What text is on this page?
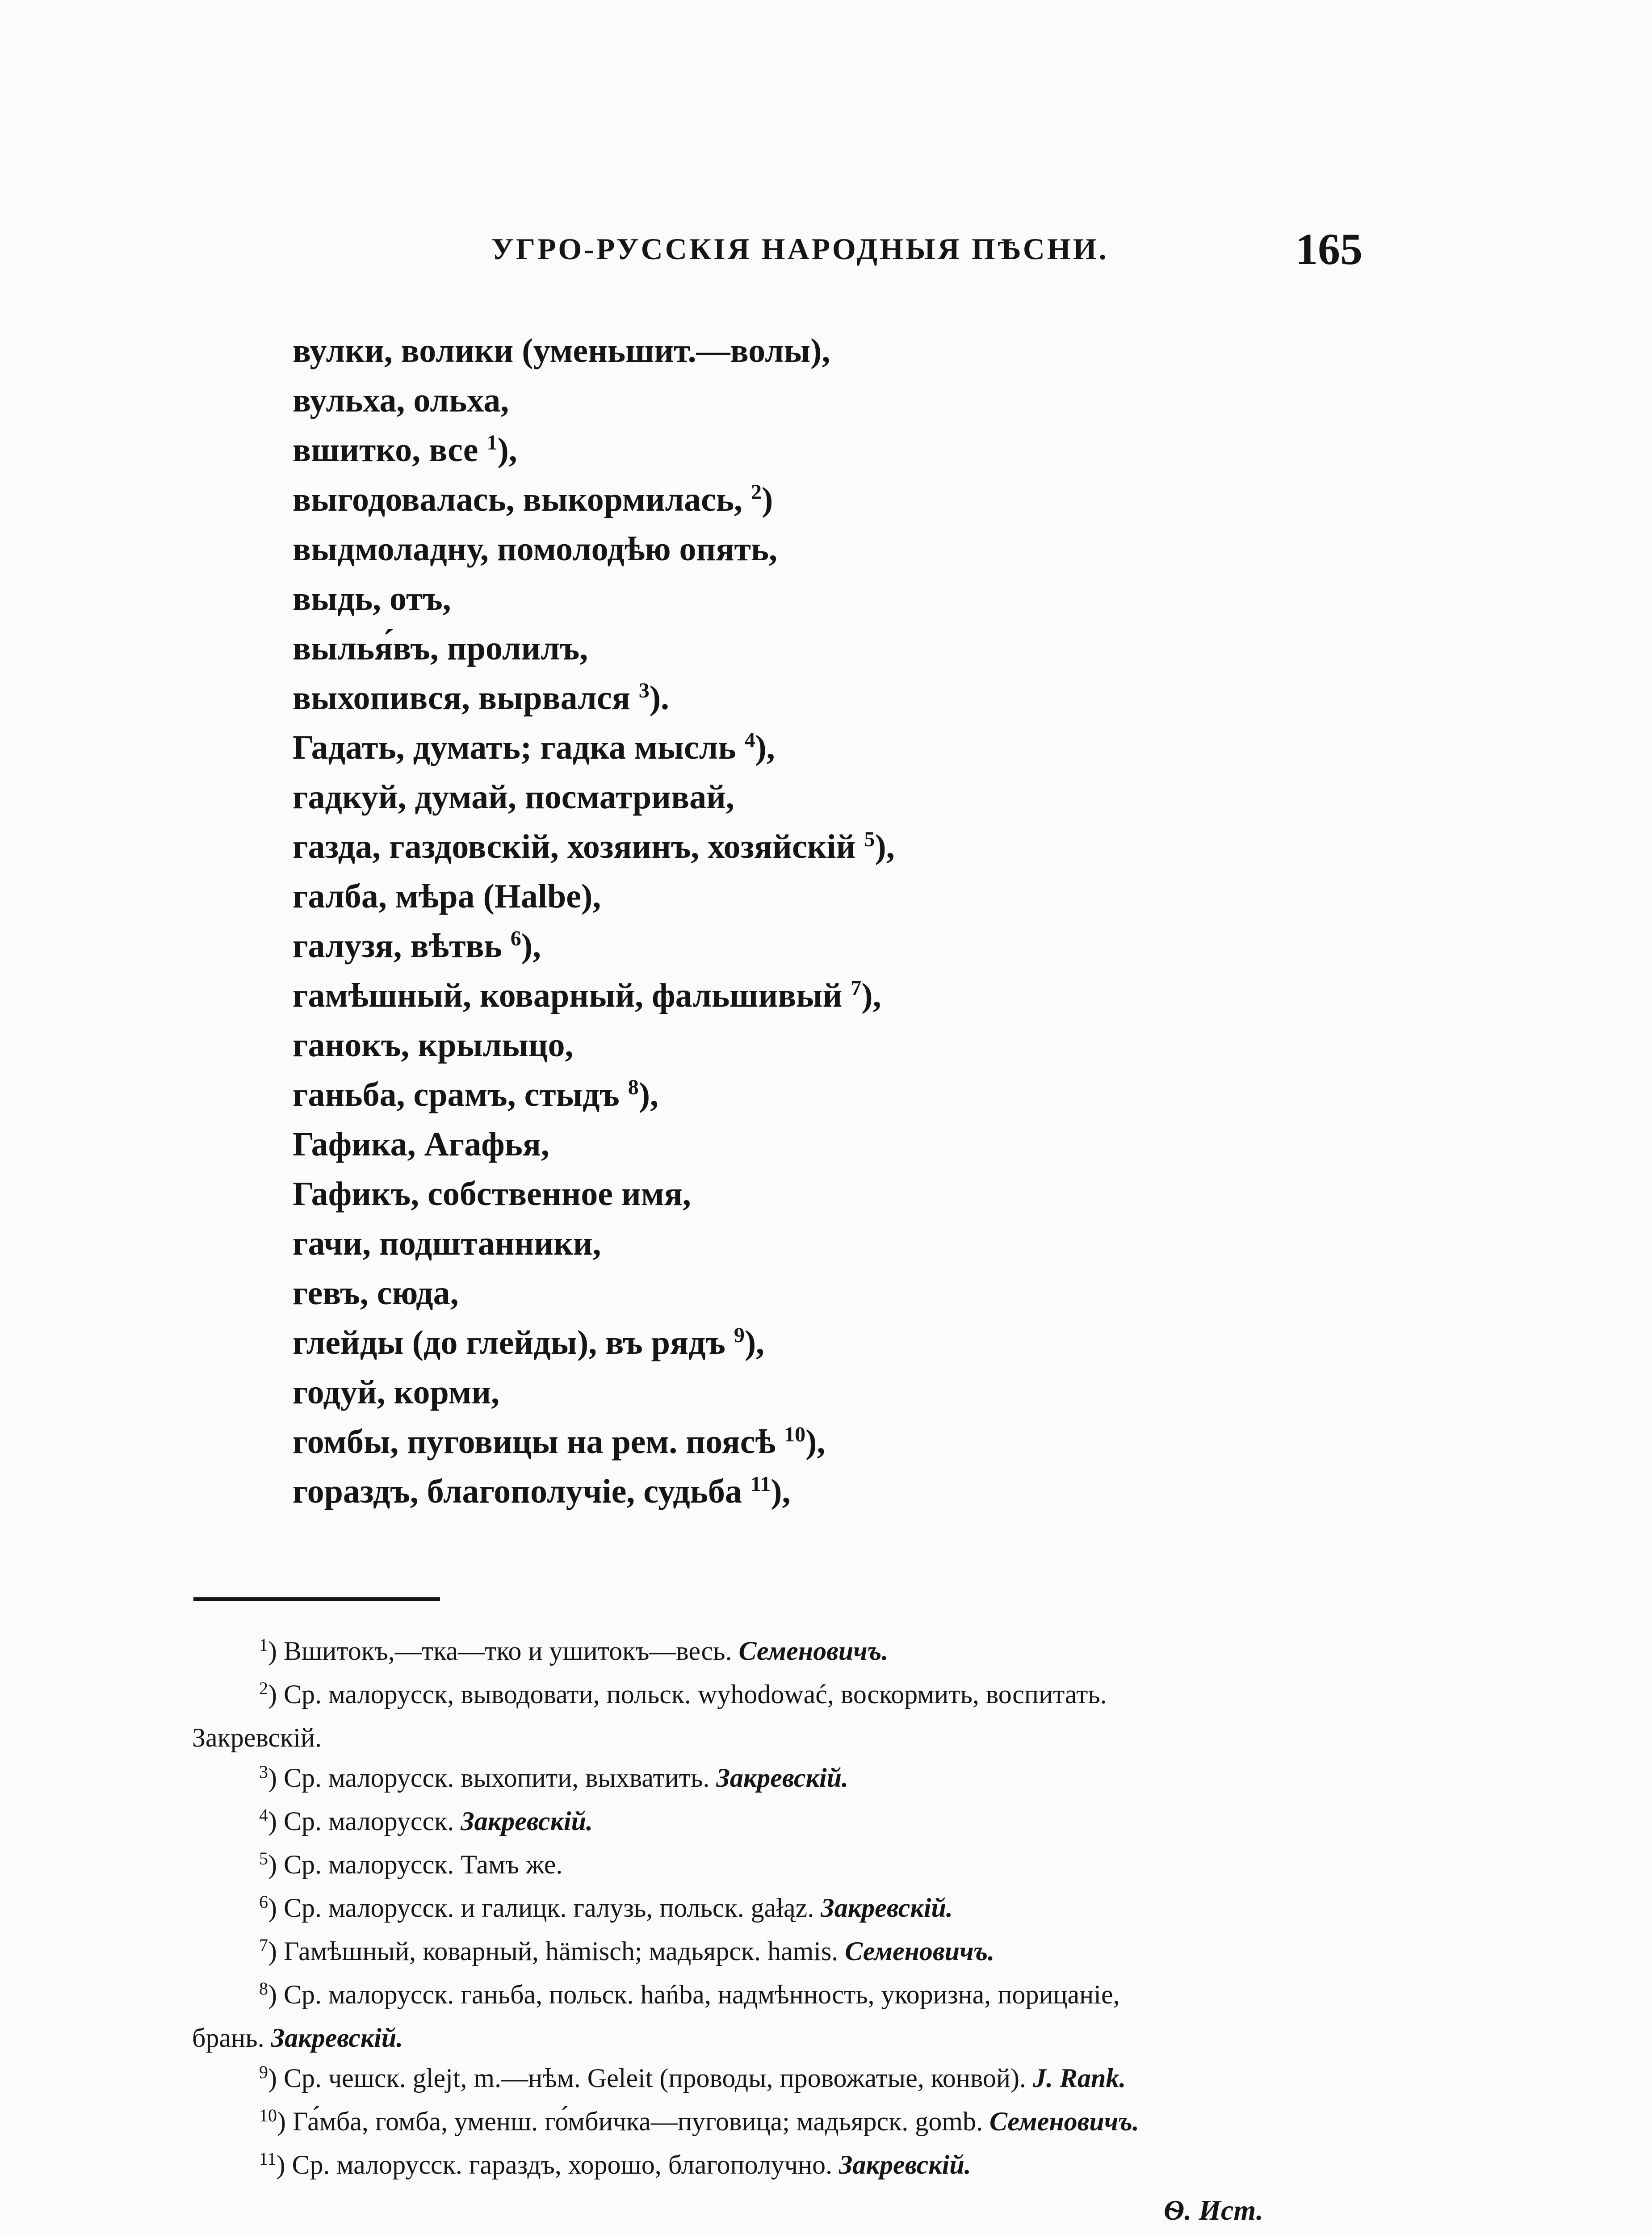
УГРО-РУССКІЯ НАРОДНЫЯ ПѢСНИ.	165
вулки, волики (уменьшит.—волы),
вульха, ольха,
вшитко, все $^1$),
выгодовалась, выкормилась, $^2$)
выдмоладну, помолодѣю опять,
выдь, отъ,
вылья́въ, пролилъ,
выхопився, вырвался $^3$).
Гадать, думать; гадка мысль $^4$),
гадкуй, думай, посматривай,
газда, газдовскій, хозяинъ, хозяйскій $^5$),
галба, мѣра (Halbe),
галузя, вѣтвь $^6$),
гамѣшный, коварный, фальшивый $^7$),
ганокъ, крылыцо,
ганьба, срамъ, стыдъ $^8$),
Гафика, Агафья,
Гафикъ, собственное имя,
гачи, подштанники,
гевъ, сюда,
глейды (до глейды), въ рядъ $^9$),
годуй, корми,
гомбы, пуговицы на рем. поясѣ $^{10}$),
гораздъ, благополучіе, судьба $^{11}$),
$^1$) Вшитокъ,—тка—тко и ушитокъ—весь. Семеновичъ.
$^2$) Ср. малорусск, выводовати, польск. wyhodować, воскормить, воспитать.
Закревскій.
$^3$) Ср. малорусск. выхопити, выхватить. Закревскій.
$^4$) Ср. малорусск. Закревскій.
$^5$) Ср. малорусск. Тамъ же.
$^6$) Ср. малорусск. и галицк. галузь, польск. gałąz. Закревскій.
$^7$) Гамѣшный, коварный, hämisch; мадьярск. hamis. Семеновичъ.
$^8$) Ср. малорусск. ганьба, польск. hańba, надмѣнность, укоризна, порицаніе,
брань. Закревскій.
$^9$) Ср. чешск. glejt, m.—нѣм. Geleit (проводы, провожатые, конвой). J. Rank.
$^{10}$) Га́мба, гомба, уменш. го́мбичка—пуговица; мадьярск. gomb. Семеновичъ.
$^{11}$) Ср. малорусск. гараздъ, хорошо, благополучно. Закревскій.
Ѳ. Ист.
